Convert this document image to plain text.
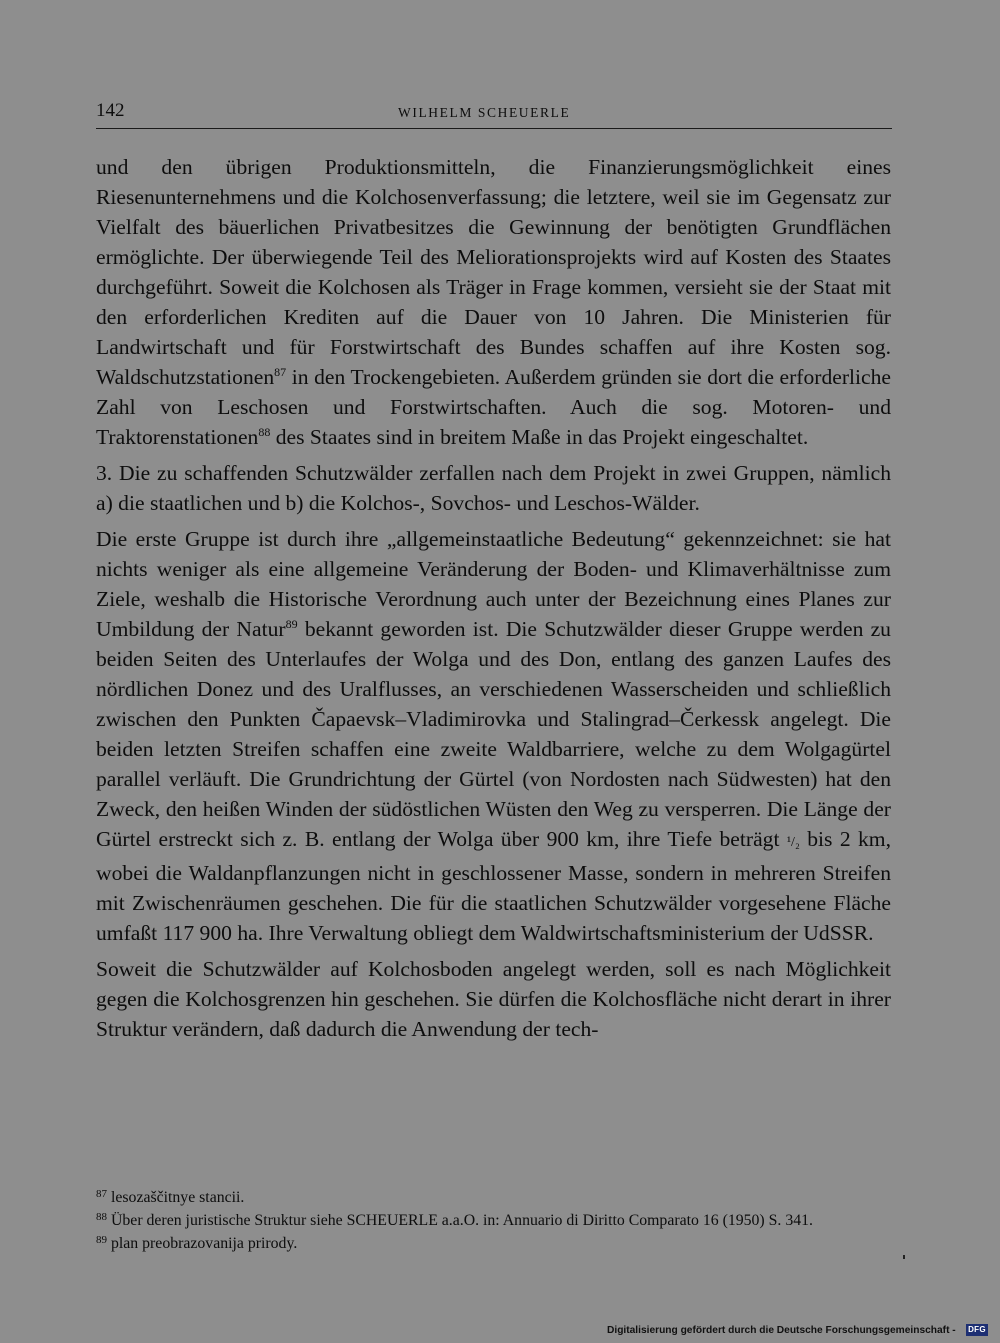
142	WILHELM SCHEUERLE

und den übrigen Produktionsmitteln, die Finanzierungsmöglichkeit eines Riesenunternehmens und die Kolchosenverfassung; die letztere, weil sie im Gegensatz zur Vielfalt des bäuerlichen Privatbesitzes die Gewinnung der benötigten Grundflächen ermöglichte. Der überwiegende Teil des Meliorationsprojekts wird auf Kosten des Staates durchgeführt. Soweit die Kolchosen als Träger in Frage kommen, versieht sie der Staat mit den erforderlichen Krediten auf die Dauer von 10 Jahren. Die Ministerien für Landwirtschaft und für Forstwirtschaft des Bundes schaffen auf ihre Kosten sog. Waldschutzstationen$^{87}$ in den Trockengebieten. Außerdem gründen sie dort die erforderliche Zahl von Leschosen und Forstwirtschaften. Auch die sog. Motoren- und Traktorenstationen$^{88}$ des Staates sind in breitem Maße in das Projekt eingeschaltet.

3. Die zu schaffenden Schutzwälder zerfallen nach dem Projekt in zwei Gruppen, nämlich a) die staatlichen und b) die Kolchos-, Sovchos- und Leschos-Wälder.

Die erste Gruppe ist durch ihre „allgemeinstaatliche Bedeutung“ gekennzeichnet: sie hat nichts weniger als eine allgemeine Veränderung der Boden- und Klimaverhältnisse zum Ziele, weshalb die Historische Verordnung auch unter der Bezeichnung eines Planes zur Umbildung der Natur$^{89}$ bekannt geworden ist. Die Schutzwälder dieser Gruppe werden zu beiden Seiten des Unterlaufes der Wolga und des Don, entlang des ganzen Laufes des nördlichen Donez und des Uralflusses, an verschiedenen Wasserscheiden und schließlich zwischen den Punkten Čapaevsk–Vladimirovka und Stalingrad–Čerkessk angelegt. Die beiden letzten Streifen schaffen eine zweite Waldbarriere, welche zu dem Wolgagürtel parallel verläuft. Die Grundrichtung der Gürtel (von Nordosten nach Südwesten) hat den Zweck, den heißen Winden der südöstlichen Wüsten den Weg zu versperren. Die Länge der Gürtel erstreckt sich z. B. entlang der Wolga über 900 km, ihre Tiefe beträgt ¹/₂ bis 2 km, wobei die Waldanpflanzungen nicht in geschlossener Masse, sondern in mehreren Streifen mit Zwischenräumen geschehen. Die für die staatlichen Schutzwälder vorgesehene Fläche umfaßt 117 900 ha. Ihre Verwaltung obliegt dem Waldwirtschaftsministerium der UdSSR.

Soweit die Schutzwälder auf Kolchosboden angelegt werden, soll es nach Möglichkeit gegen die Kolchosgrenzen hin geschehen. Sie dürfen die Kolchosfläche nicht derart in ihrer Struktur verändern, daß dadurch die Anwendung der tech-

$^{87}$ lesozaščitnye stancii.
$^{88}$ Über deren juristische Struktur siehe SCHEUERLE a.a.O. in: Annuario di Diritto Comparato 16 (1950) S. 341.
$^{89}$ plan preobrazovanija prirody.
Digitalisierung gefördert durch die Deutsche Forschungsgemeinschaft - DFG
